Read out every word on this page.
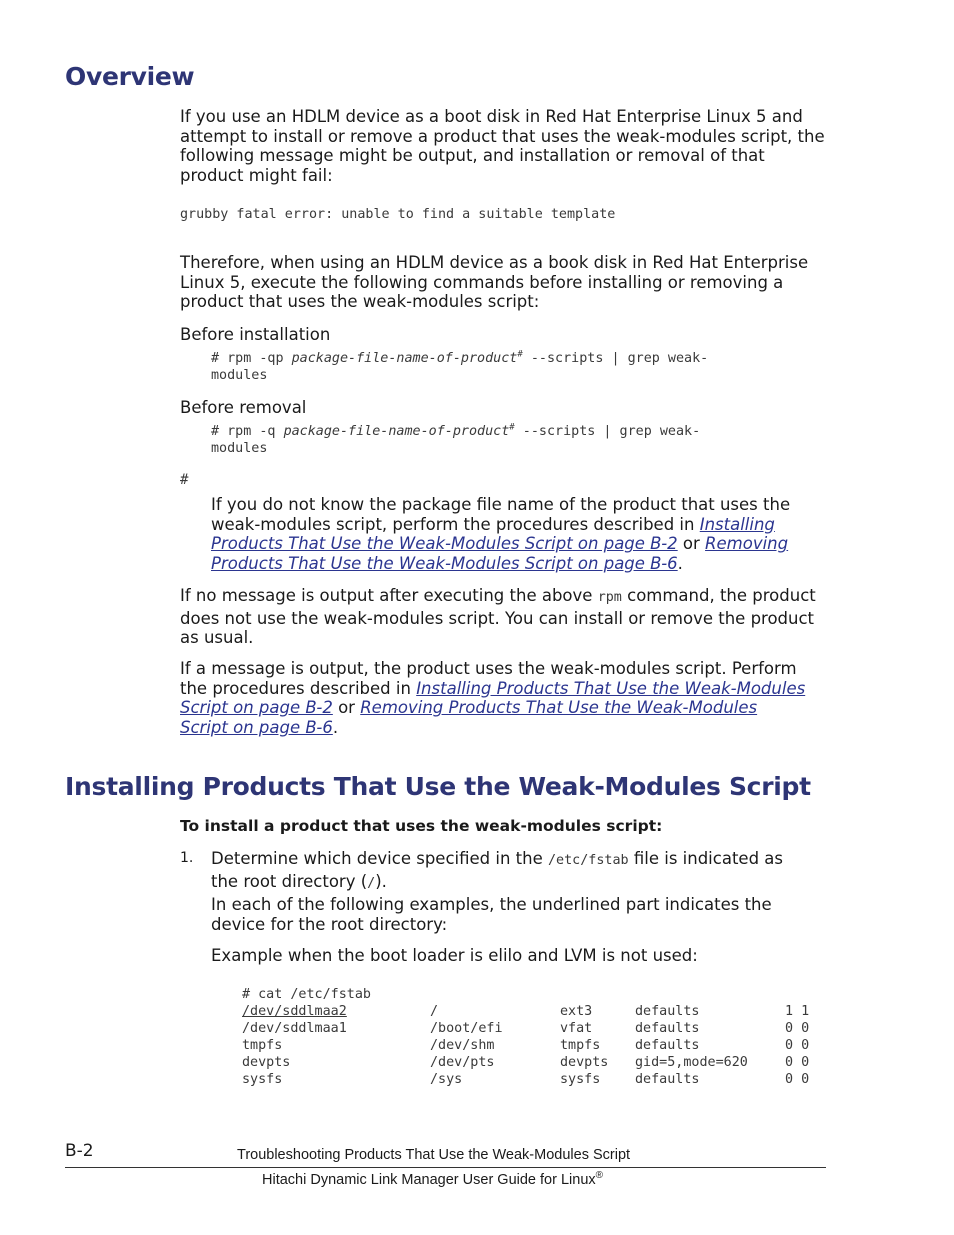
Overview
If you use an HDLM device as a boot disk in Red Hat Enterprise Linux 5 and
attempt to install or remove a product that uses the weak-modules script, the
following message might be output, and installation or removal of that
product might fail:
grubby fatal error: unable to find a suitable template
Therefore, when using an HDLM device as a book disk in Red Hat Enterprise
Linux 5, execute the following commands before installing or removing a
product that uses the weak-modules script:
Before installation
# rpm -qp package-file-name-of-product# --scripts | grep weak-
modules
Before removal
# rpm -q package-file-name-of-product# --scripts | grep weak-
modules
#
If you do not know the package file name of the product that uses the
weak-modules script, perform the procedures described in Installing
Products That Use the Weak-Modules Script on page B-2 or Removing
Products That Use the Weak-Modules Script on page B-6.
If no message is output after executing the above rpm command, the product
does not use the weak-modules script. You can install or remove the product
as usual.
If a message is output, the product uses the weak-modules script. Perform
the procedures described in Installing Products That Use the Weak-Modules
Script on page B-2 or Removing Products That Use the Weak-Modules
Script on page B-6.
Installing Products That Use the Weak-Modules Script
To install a product that uses the weak-modules script:
1. Determine which device specified in the /etc/fstab file is indicated as
the root directory (/).
In each of the following examples, the underlined part indicates the
device for the root directory:
Example when the boot loader is elilo and LVM is not used:
# cat /etc/fstab
/dev/sddlmaa2	/	ext3	defaults	1 1
/dev/sddlmaa1	/boot/efi	vfat	defaults	0 0
tmpfs	/dev/shm	tmpfs	defaults	0 0
devpts	/dev/pts	devpts	gid=5,mode=620	0 0
sysfs	/sys	sysfs	defaults	0 0
B-2	Troubleshooting Products That Use the Weak-Modules Script
Hitachi Dynamic Link Manager User Guide for Linux®
